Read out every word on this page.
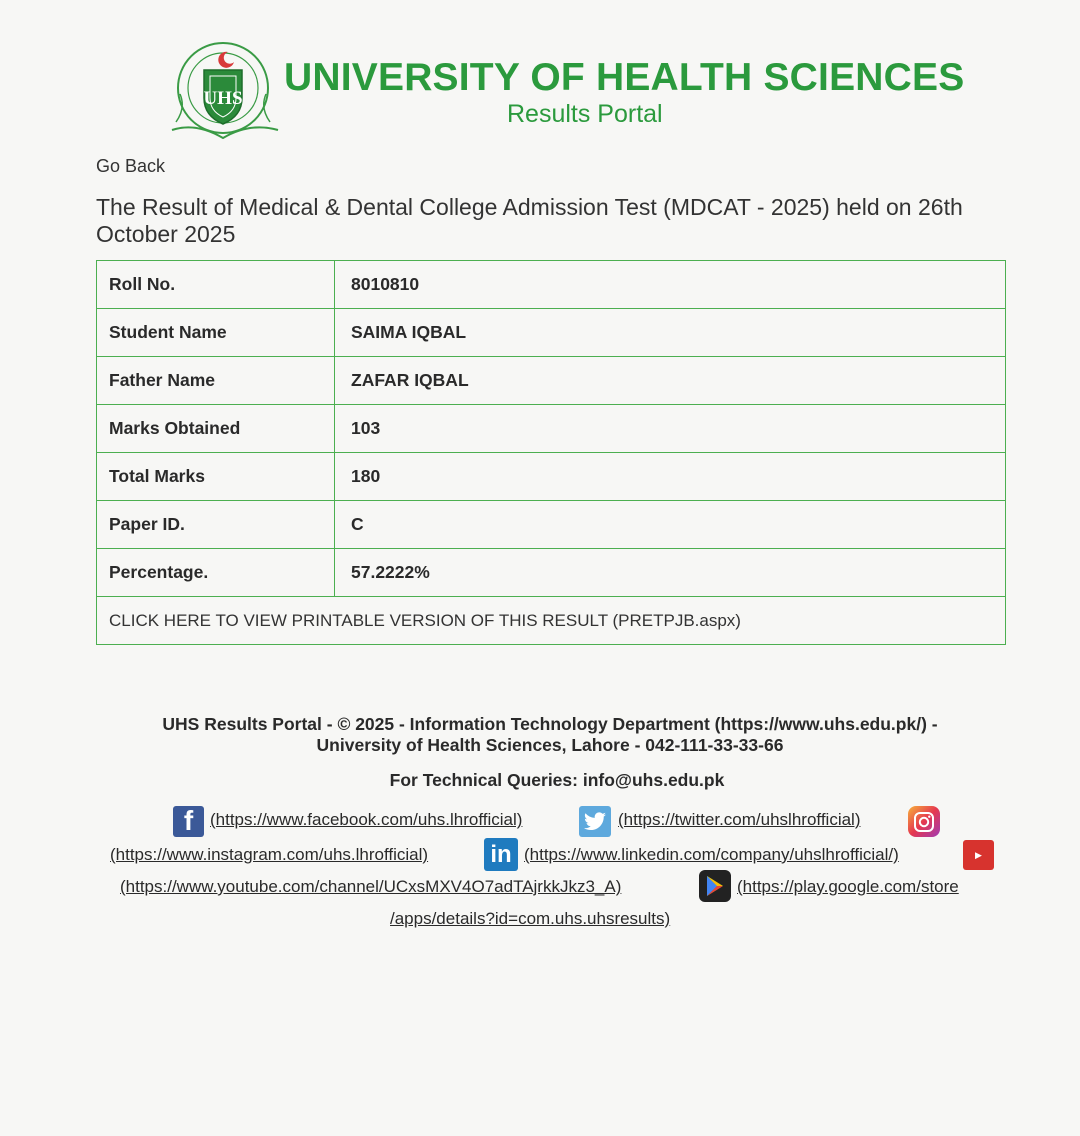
UHS UNIVERSITY OF HEALTH SCIENCES
Results Portal
Go Back
The Result of Medical & Dental College Admission Test (MDCAT - 2025) held on 26th October 2025
Roll No.	8010810
Student Name	SAIMA IQBAL
Father Name	ZAFAR IQBAL
Marks Obtained	103
Total Marks	180
Paper ID.	C
Percentage.	57.2222%
CLICK HERE TO VIEW PRINTABLE VERSION OF THIS RESULT (PRETPJB.aspx)	
UHS Results Portal - © 2025 - Information Technology Department (https://www.uhs.edu.pk/) -
University of Health Sciences, Lahore - 042-111-33-33-66
For Technical Queries: info@uhs.edu.pk
f (https://www.facebook.com/uhs.lhrofficial)	(https://twitter.com/uhslhrofficial)
(https://www.instagram.com/uhs.lhrofficial)	in (https://www.linkedin.com/company/uhslhrofficial/)	▶
(https://www.youtube.com/channel/UCxsMXV4O7adTAjrkkJkz3_A)	(https://play.google.com/store
/apps/details?id=com.uhs.uhsresults)
